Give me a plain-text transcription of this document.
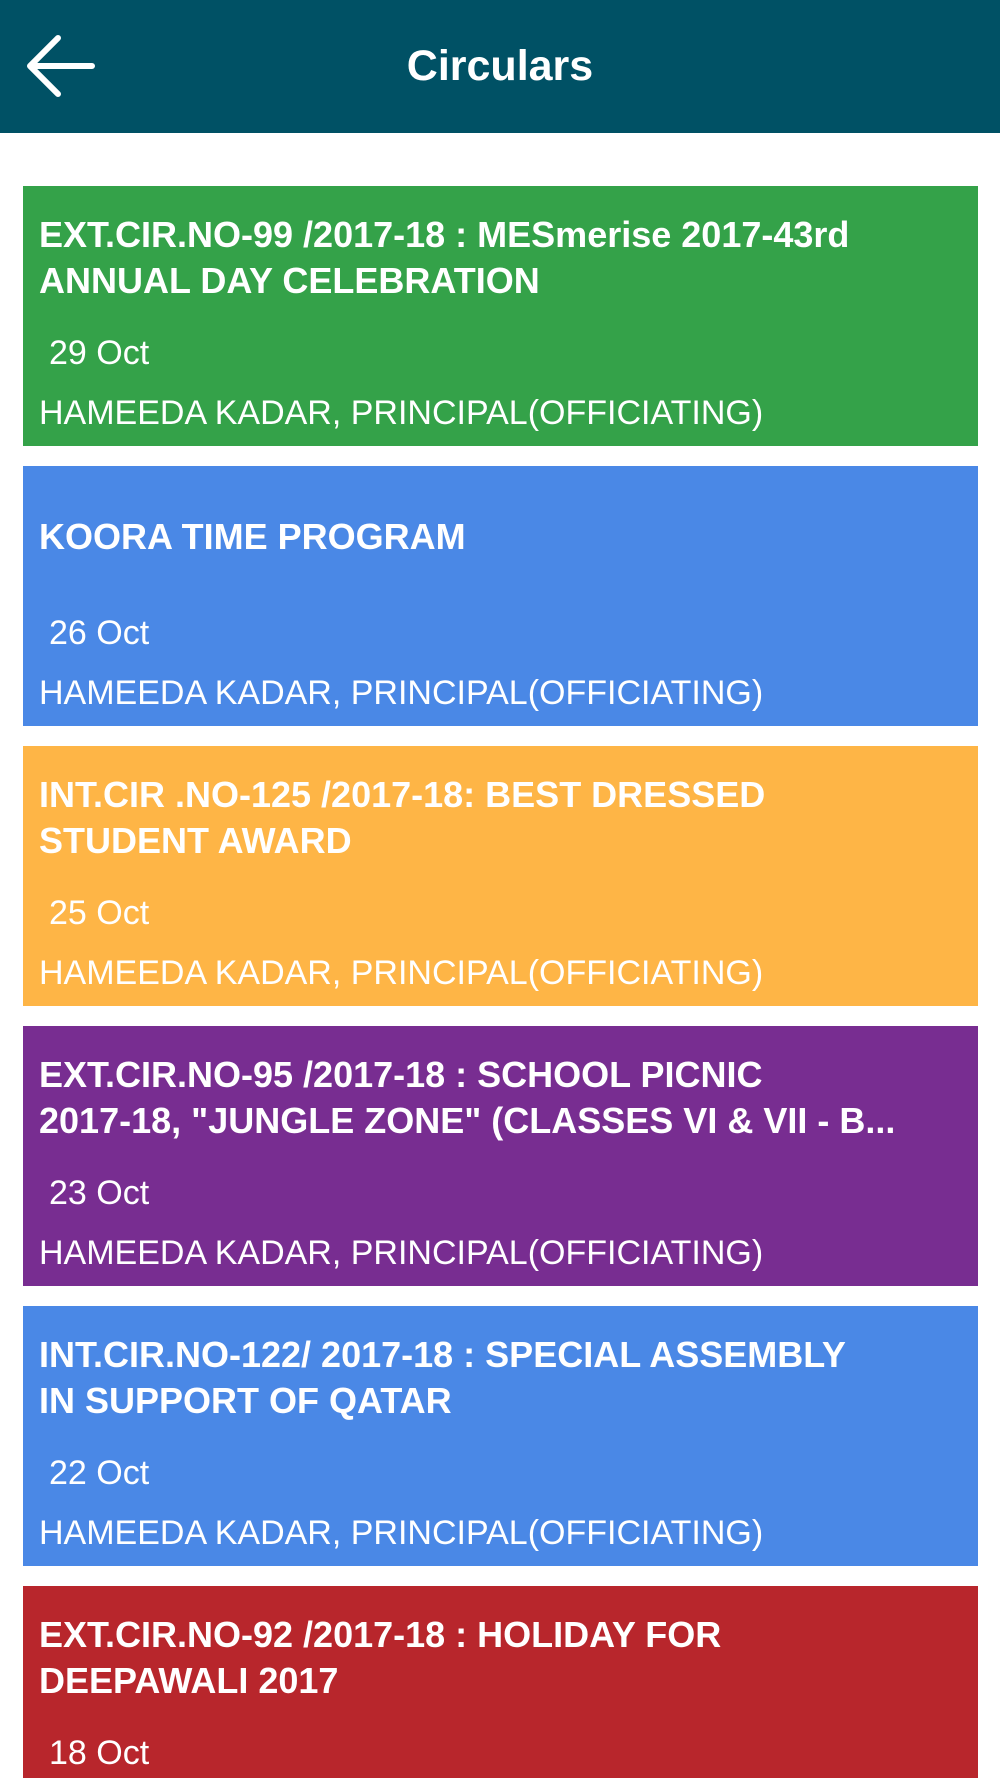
Circulars
EXT.CIR.NO-99 /2017-18 : MESmerise 2017-43rd
ANNUAL DAY CELEBRATION
29 Oct
HAMEEDA KADAR, PRINCIPAL(OFFICIATING)
KOORA TIME PROGRAM
26 Oct
HAMEEDA KADAR, PRINCIPAL(OFFICIATING)
INT.CIR .NO-125 /2017-18: BEST DRESSED
STUDENT AWARD
25 Oct
HAMEEDA KADAR, PRINCIPAL(OFFICIATING)
EXT.CIR.NO-95 /2017-18 : SCHOOL PICNIC
2017-18, "JUNGLE ZONE" (CLASSES VI & VII - B...
23 Oct
HAMEEDA KADAR, PRINCIPAL(OFFICIATING)
INT.CIR.NO-122/ 2017-18 : SPECIAL ASSEMBLY
IN SUPPORT OF QATAR
22 Oct
HAMEEDA KADAR, PRINCIPAL(OFFICIATING)
EXT.CIR.NO-92 /2017-18 : HOLIDAY FOR
DEEPAWALI 2017
18 Oct
